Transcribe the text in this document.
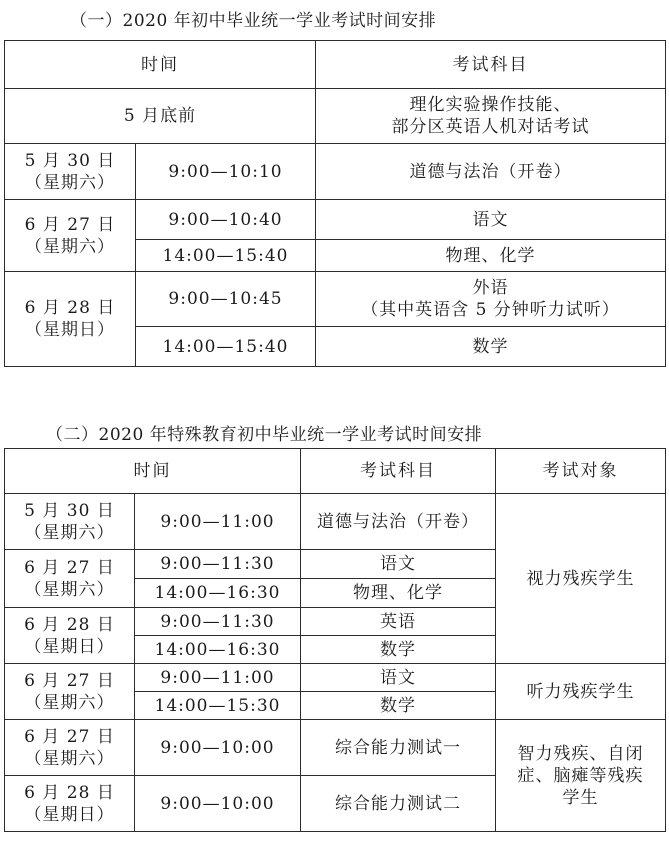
（一）2020 年初中毕业统一学业考试时间安排
时间		考试科目
5 月底前		理化实验操作技能、
部分区英语人机对话考试

5 月 30 日
（星期六）	9:00—10:10	道德与法治（开卷）

6 月 27 日
（星期六）	9:00—10:40	语文
	14:00—15:40	物理、化学

6 月 28 日
（星期日）	9:00—10:45	外语
（其中英语含 5 分钟听力试听）

	14:00—15:40	数学
（二）2020 年特殊教育初中毕业统一学业考试时间安排
时间		考试科目	考试对象

5 月 30 日
（星期六）	9:00—11:00	道德与法治（开卷）	视力残疾学生

6 月 27 日
（星期六）	9:00—11:30	语文	
	14:00—16:30	物理、化学	

6 月 28 日
（星期日）	9:00—11:30	英语	
	14:00—16:30	数学	

6 月 27 日
（星期六）	9:00—11:00	语文	听力残疾学生
	14:00—15:30	数学	

6 月 27 日
（星期六）	9:00—10:00	综合能力测试一	智力残疾、自闭
症、脑瘫等残疾
学生

6 月 28 日
（星期日）	9:00—10:00	综合能力测试二	
